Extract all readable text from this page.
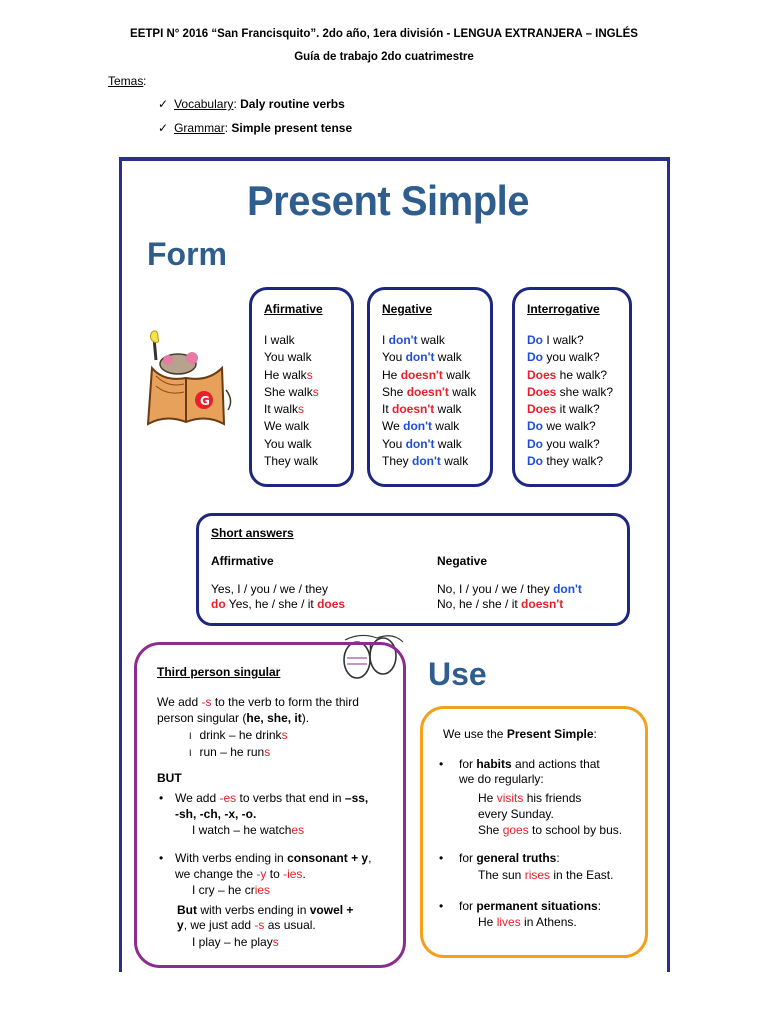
EETPI N° 2016 “San Francisquito”. 2do año, 1era división - LENGUA EXTRANJERA – INGLÉS
Guía de trabajo 2do cuatrimestre
Temas :
✓ Vocabulary: Daly routine verbs
✓ Grammar: Simple present tense
Present Simple
Form
G
Afirmative
I walk
You walk
He walks
She walks
It walks
We walk
You walk
They walk
Negative
I don't walk
You don't walk
He doesn't walk
She doesn't walk
It doesn't walk
We don't walk
You don't walk
They don't walk
Interrogative
Do I walk?
Do you walk?
Does he walk?
Does she walk?
Does it walk?
Do we walk?
Do you walk?
Do they walk?
Short answers
Affirmative
Yes, I / you / we / they
do Yes, he / she / it does
Negative
No, I / you / we / they don't
No, he / she / it doesn't
Third person singular
We add -s to the verb to form the third
person singular (he, she, it).
I drink – he drinks
I run – he runs
BUT
• We add -es to verbs that end in –ss,
-sh, -ch, -x, -o.
I watch – he watches
• With verbs ending in consonant + y,
we change the -y to -ies.
I cry – he cries
But with verbs ending in vowel +
y, we just add -s as usual.
I play – he plays
Use
We use the Present Simple:
• for habits and actions that
we do regularly:
He visits his friends
every Sunday.
She goes to school by bus.
• for general truths:
The sun rises in the East.
• for permanent situations:
He lives in Athens.
